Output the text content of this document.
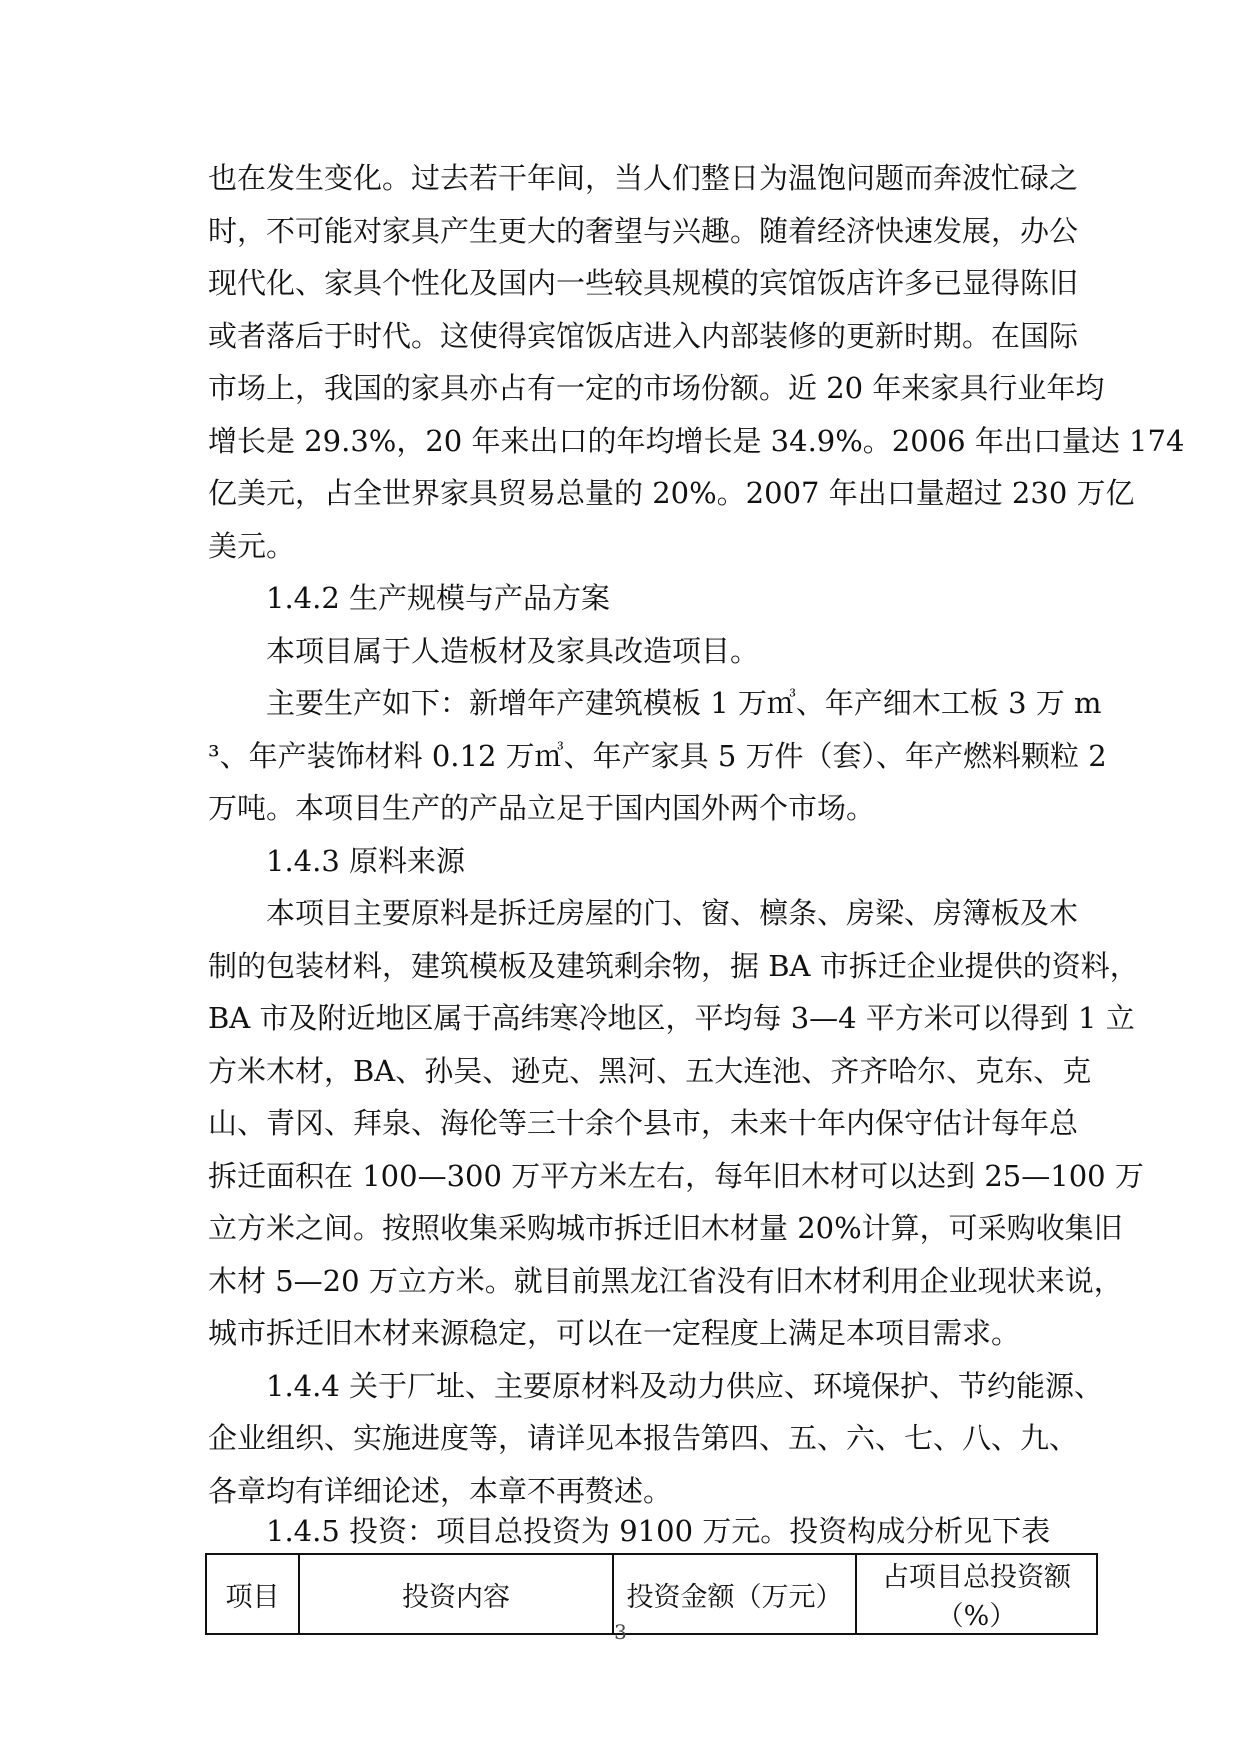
也在发生变化。过去若干年间，当人们整日为温饱问题而奔波忙碌之
时，不可能对家具产生更大的奢望与兴趣。随着经济快速发展，办公
现代化、家具个性化及国内一些较具规模的宾馆饭店许多已显得陈旧
或者落后于时代。这使得宾馆饭店进入内部装修的更新时期。在国际
市场上，我国的家具亦占有一定的市场份额。近 20 年来家具行业年均
增长是 29.3%，20 年来出口的年均增长是 34.9%。2006 年出口量达 174
亿美元，占全世界家具贸易总量的 20%。2007 年出口量超过 230 万亿
美元。
　　1.4.2 生产规模与产品方案
　　本项目属于人造板材及家具改造项目。
　　主要生产如下：新增年产建筑模板 1 万㎥、年产细木工板 3 万 m
³、年产装饰材料 0.12 万㎥、年产家具 5 万件（套）、年产燃料颗粒 2
万吨。本项目生产的产品立足于国内国外两个市场。
　　1.4.3 原料来源
　　本项目主要原料是拆迁房屋的门、窗、檩条、房梁、房簿板及木
制的包装材料，建筑模板及建筑剩余物，据 BA 市拆迁企业提供的资料，
BA 市及附近地区属于高纬寒冷地区，平均每 3—4 平方米可以得到 1 立
方米木材，BA、孙吴、逊克、黑河、五大连池、齐齐哈尔、克东、克
山、青冈、拜泉、海伦等三十余个县市，未来十年内保守估计每年总
拆迁面积在 100—300 万平方米左右，每年旧木材可以达到 25—100 万
立方米之间。按照收集采购城市拆迁旧木材量 20%计算，可采购收集旧
木材 5—20 万立方米。就目前黑龙江省没有旧木材利用企业现状来说，
城市拆迁旧木材来源稳定，可以在一定程度上满足本项目需求。
　　1.4.4 关于厂址、主要原材料及动力供应、环境保护、节约能源、
企业组织、实施进度等，请详见本报告第四、五、六、七、八、九、
各章均有详细论述，本章不再赘述。
　　1.4.5 投资：项目总投资为 9100 万元。投资构成分析见下表
项目	投资内容	投资金额（万元）	占项目总投资额（%）
3
